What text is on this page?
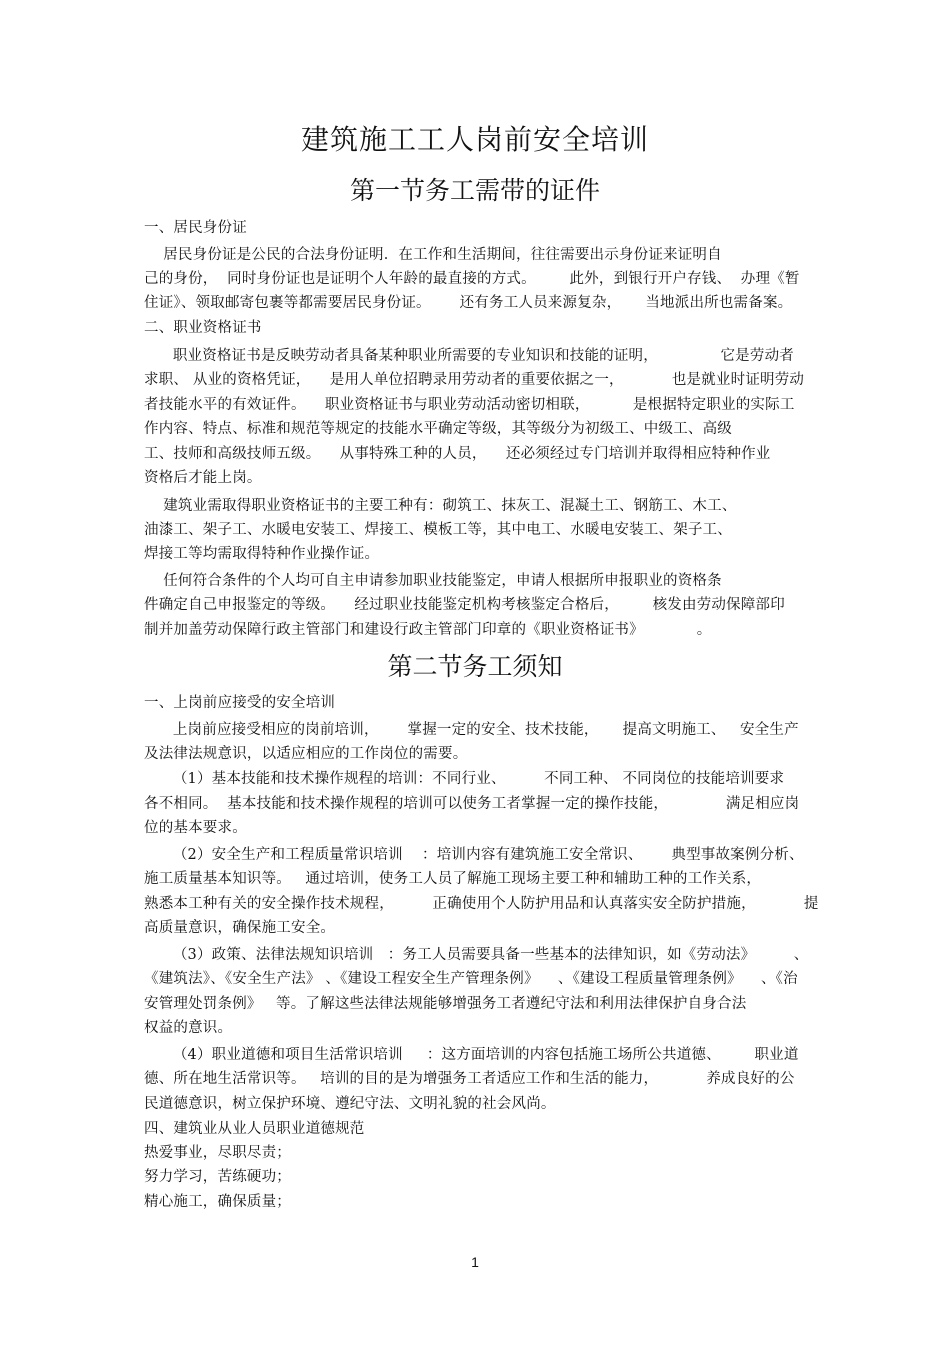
建筑施工工人岗前安全培训
第一节务工需带的证件
一、居民身份证
居民身份证是公民的合法身份证明．在工作和生活期间，往往需要出示身份证来证明自
己的身份，  同时身份证也是证明个人年龄的最直接的方式。       此外，到银行开户存钱、  办理《暂
住证》、领取邮寄包裹等都需要居民身份证。      还有务工人员来源复杂，     当地派出所也需备案。
二、职业资格证书
职业资格证书是反映劳动者具备某种职业所需要的专业知识和技能的证明，             它是劳动者
求职、 从业的资格凭证，    是用人单位招聘录用劳动者的重要依据之一，          也是就业时证明劳动
者技能水平的有效证件。    职业资格证书与职业劳动活动密切相联，         是根据特定职业的实际工
作内容、特点、标准和规范等规定的技能水平确定等级，其等级分为初级工、中级工、高级
工、技师和高级技师五级。    从事特殊工种的人员，    还必须经过专门培训并取得相应特种作业
资格后才能上岗。
建筑业需取得职业资格证书的主要工种有：砌筑工、抹灰工、混凝土工、钢筋工、木工、
油漆工、架子工、水暖电安装工、焊接工、模板工等，其中电工、水暖电安装工、架子工、
焊接工等均需取得特种作业操作证。
任何符合条件的个人均可自主申请参加职业技能鉴定，申请人根据所申报职业的资格条
件确定自己申报鉴定的等级。    经过职业技能鉴定机构考核鉴定合格后，       核发由劳动保障部印
制并加盖劳动保障行政主管部门和建设行政主管部门印章的《职业资格证书》           。
第二节务工须知
一、上岗前应接受的安全培训
上岗前应接受相应的岗前培训，      掌握一定的安全、技术技能，     提高文明施工、   安全生产
及法律法规意识，以适应相应的工作岗位的需要。
（1）基本技能和技术操作规程的培训：不同行业、        不同工种、 不同岗位的技能培训要求
各不相同。  基本技能和技术操作规程的培训可以使务工者掌握一定的操作技能，            满足相应岗
位的基本要求。
（2）安全生产和工程质量常识培训    ：培训内容有建筑施工安全常识、      典型事故案例分析、
施工质量基本知识等。   通过培训，使务工人员了解施工现场主要工种和辅助工种的工作关系，
熟悉本工种有关的安全操作技术规程，        正确使用个人防护用品和认真落实安全防护措施，          提
高质量意识，确保施工安全。
（3）政策、法律法规知识培训   ：务工人员需要具备一些基本的法律知识，如《劳动法》        、
《建筑法》、《安全生产法》 、《建设工程安全生产管理条例》    、《建设工程质量管理条例》    、《治
安管理处罚条例》   等。了解这些法律法规能够增强务工者遵纪守法和利用法律保护自身合法
权益的意识。
（4）职业道德和项目生活常识培训     ：这方面培训的内容包括施工场所公共道德、       职业道
德、所在地生活常识等。   培训的目的是为增强务工者适应工作和生活的能力，          养成良好的公
民道德意识，树立保护环境、遵纪守法、文明礼貌的社会风尚。
四、建筑业从业人员职业道德规范
热爱事业，尽职尽责；
努力学习，苦练硬功；
精心施工，确保质量；
1
